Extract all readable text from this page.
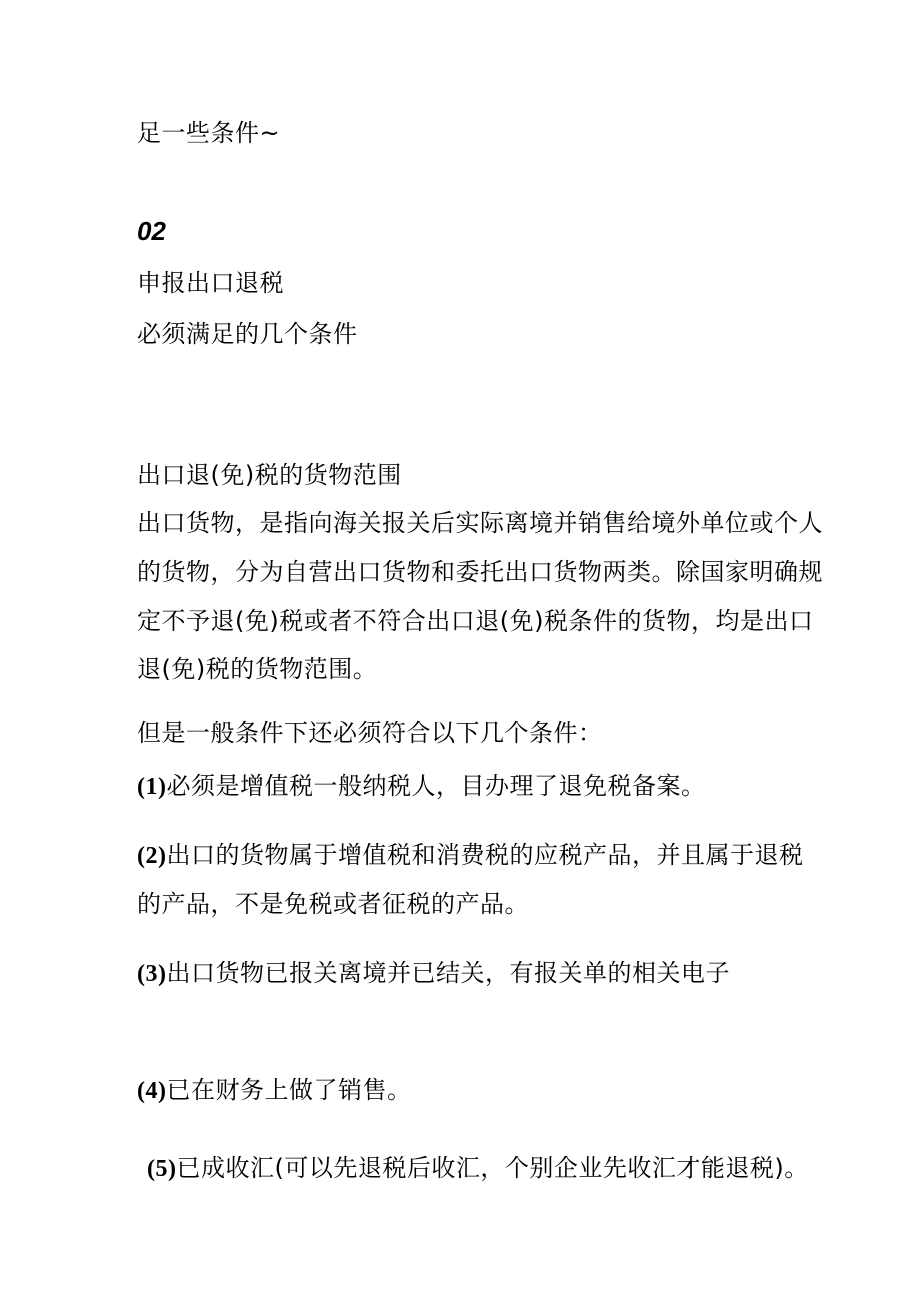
足一些条件~
02
申报出口退税
必须满足的几个条件
出口退(免)税的货物范围
出口货物，是指向海关报关后实际离境并销售给境外单位或个人
的货物，分为自营出口货物和委托出口货物两类。除国家明确规
定不予退(免)税或者不符合出口退(免)税条件的货物，均是出口
退(免)税的货物范围。
但是一般条件下还必须符合以下几个条件：
(1)必须是增值税一般纳税人，目办理了退免税备案。
(2)出口的货物属于增值税和消费税的应税产品，并且属于退税
的产品，不是免税或者征税的产品。
(3)出口货物已报关离境并已结关，有报关单的相关电子
(4)已在财务上做了销售。
(5)已成收汇(可以先退税后收汇，个别企业先收汇才能退税)。
